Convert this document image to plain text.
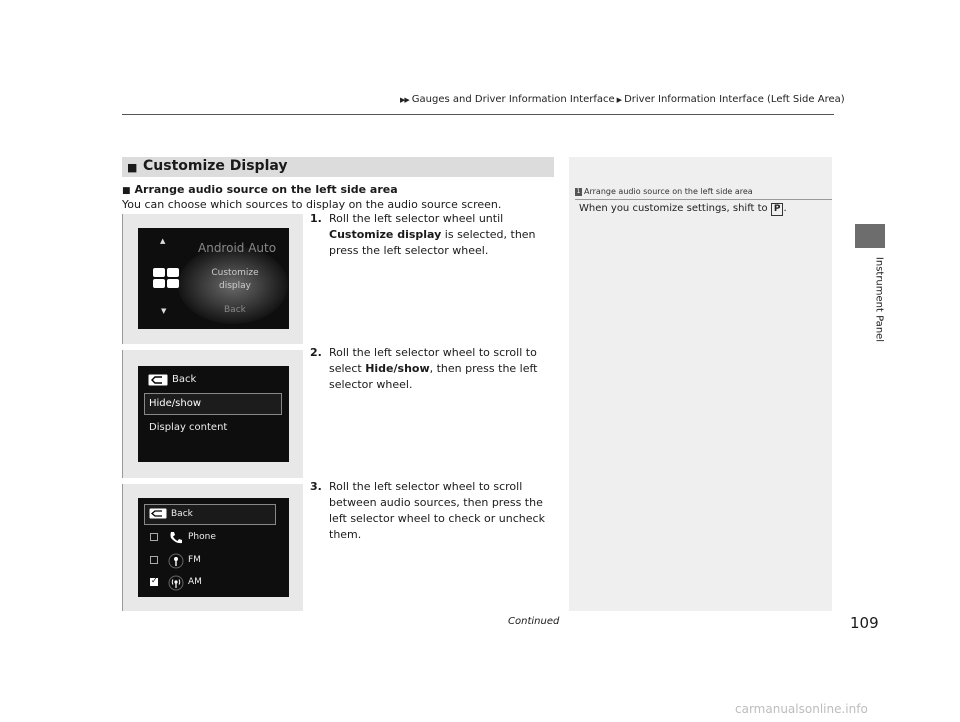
▶▶ Gauges and Driver Information Interface ▶ Driver Information Interface (Left Side Area)
Instrument Panel
■ Customize Display
■ Arrange audio source on the left side area
You can choose which sources to display on the audio source screen.
1. Roll the left selector wheel until Customize display is selected, then press the left selector wheel.
2. Roll the left selector wheel to scroll to select Hide/show, then press the left selector wheel.
3. Roll the left selector wheel to scroll between audio sources, then press the left selector wheel to check or uncheck them.
▲
▼
Android Auto
Customize display
Back
Back
Hide/show
Display content
Back
Phone
FM
✓
AM
1 Arrange audio source on the left side area
When you customize settings, shift to P .
Continued	109
carmanualsonline.info
